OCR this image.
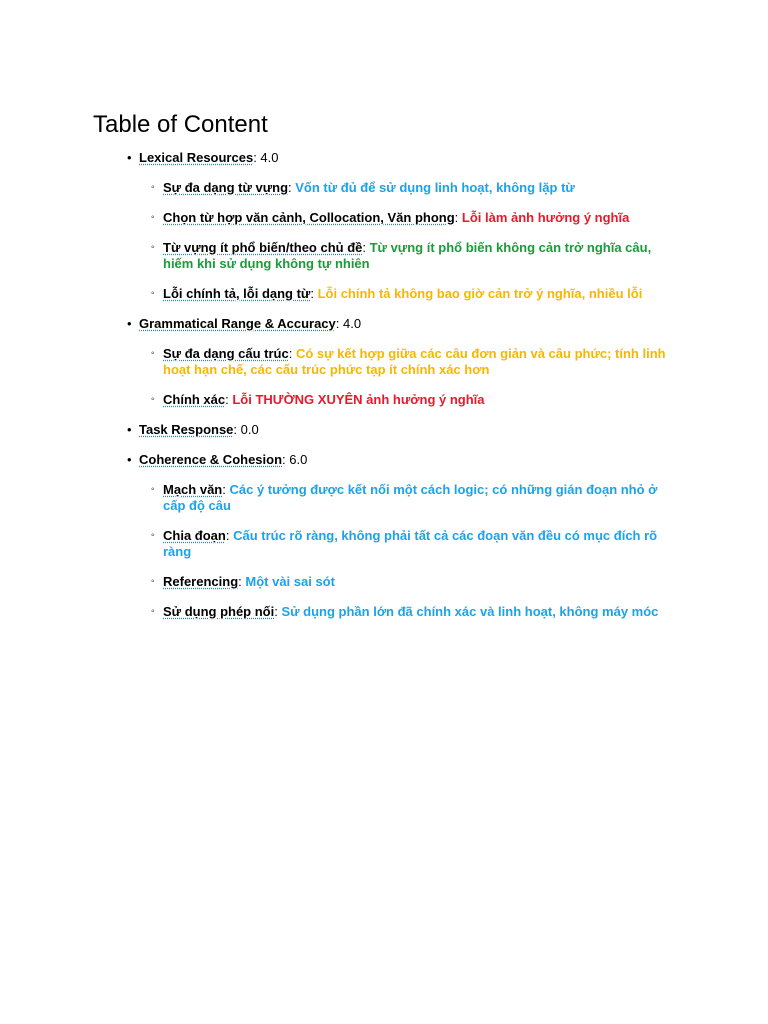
Table of Content
• Lexical Resources: 4.0
◦ Sự đa dạng từ vựng: Vốn từ đủ để sử dụng linh hoạt, không lặp từ
◦ Chọn từ hợp văn cảnh, Collocation, Văn phong: Lỗi làm ảnh hưởng ý nghĩa
◦ Từ vựng ít phổ biến/theo chủ đề: Từ vựng ít phổ biến không cản trở nghĩa câu, hiếm khi sử dụng không tự nhiên
◦ Lỗi chính tả, lỗi dạng từ: Lỗi chính tả không bao giờ cản trở ý nghĩa, nhiều lỗi
• Grammatical Range & Accuracy: 4.0
◦ Sự đa dạng cấu trúc: Có sự kết hợp giữa các câu đơn giản và câu phức; tính linh hoạt hạn chế, các cấu trúc phức tạp ít chính xác hơn
◦ Chính xác: Lỗi THƯỜNG XUYÊN ảnh hưởng ý nghĩa
• Task Response: 0.0
• Coherence & Cohesion: 6.0
◦ Mạch văn: Các ý tưởng được kết nối một cách logic; có những gián đoạn nhỏ ở cấp độ câu
◦ Chia đoạn: Cấu trúc rõ ràng, không phải tất cả các đoạn văn đều có mục đích rõ ràng
◦ Referencing: Một vài sai sót
◦ Sử dụng phép nối: Sử dụng phần lớn đã chính xác và linh hoạt, không máy móc
